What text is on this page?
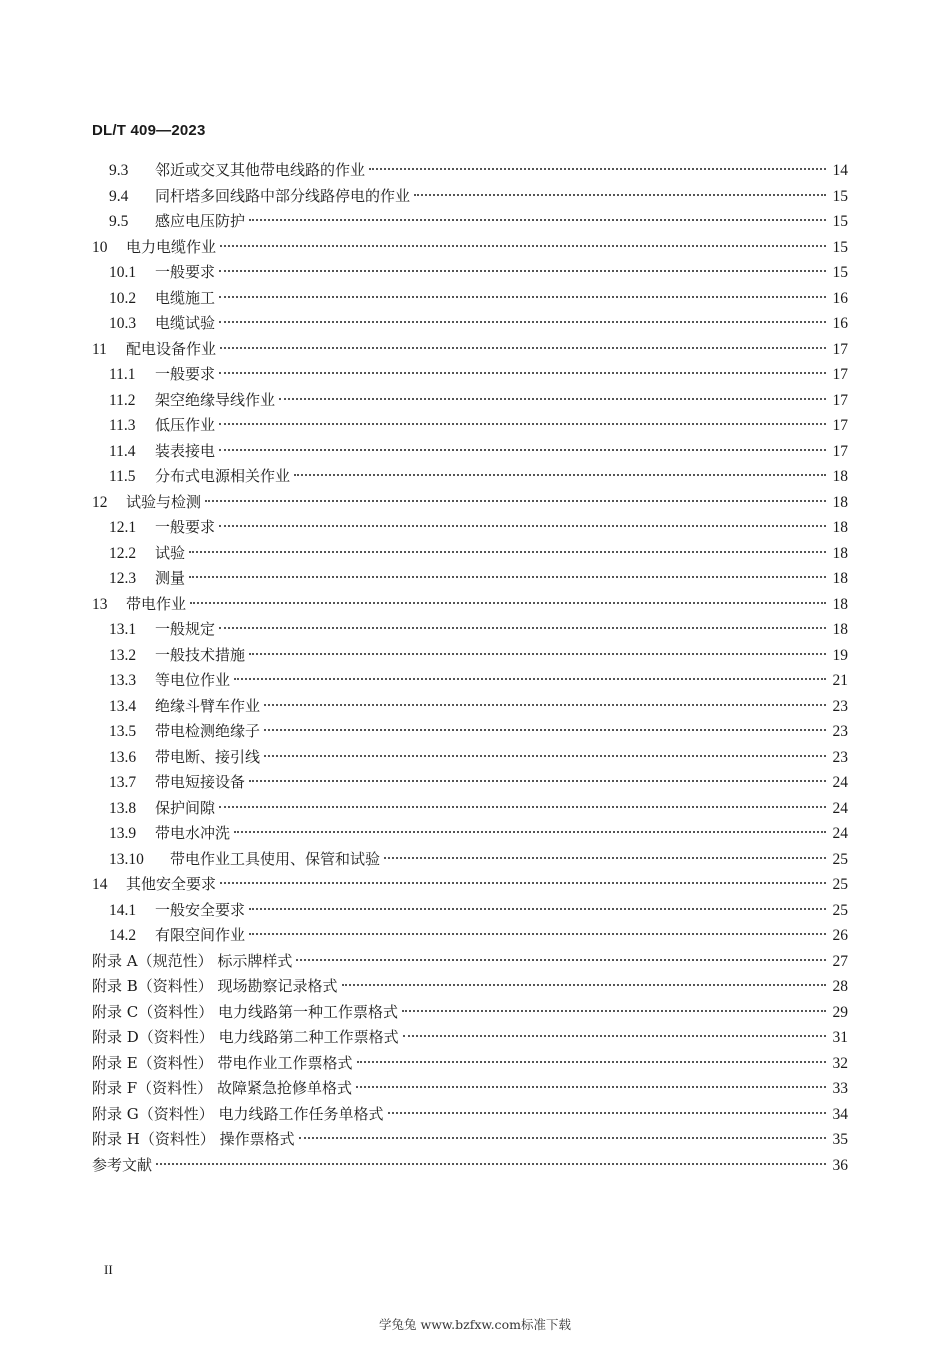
DL/T 409—2023
9.3	邻近或交叉其他带电线路的作业	14
9.4	同杆塔多回线路中部分线路停电的作业	15
9.5	感应电压防护	15
10	电力电缆作业	15
10.1	一般要求	15
10.2	电缆施工	16
10.3	电缆试验	16
11	配电设备作业	17
11.1	一般要求	17
11.2	架空绝缘导线作业	17
11.3	低压作业	17
11.4	装表接电	17
11.5	分布式电源相关作业	18
12	试验与检测	18
12.1	一般要求	18
12.2	试验	18
12.3	测量	18
13	带电作业	18
13.1	一般规定	18
13.2	一般技术措施	19
13.3	等电位作业	21
13.4	绝缘斗臂车作业	23
13.5	带电检测绝缘子	23
13.6	带电断、接引线	23
13.7	带电短接设备	24
13.8	保护间隙	24
13.9	带电水冲洗	24
13.10	带电作业工具使用、保管和试验	25
14	其他安全要求	25
14.1	一般安全要求	25
14.2	有限空间作业	26
附录 A（规范性） 标示牌样式	27
附录 B（资料性） 现场勘察记录格式	28
附录 C（资料性） 电力线路第一种工作票格式	29
附录 D（资料性） 电力线路第二种工作票格式	31
附录 E（资料性） 带电作业工作票格式	32
附录 F（资料性） 故障紧急抢修单格式	33
附录 G（资料性） 电力线路工作任务单格式	34
附录 H（资料性） 操作票格式	35
参考文献	36
II
学兔兔 www.bzfxw.com标准下载
